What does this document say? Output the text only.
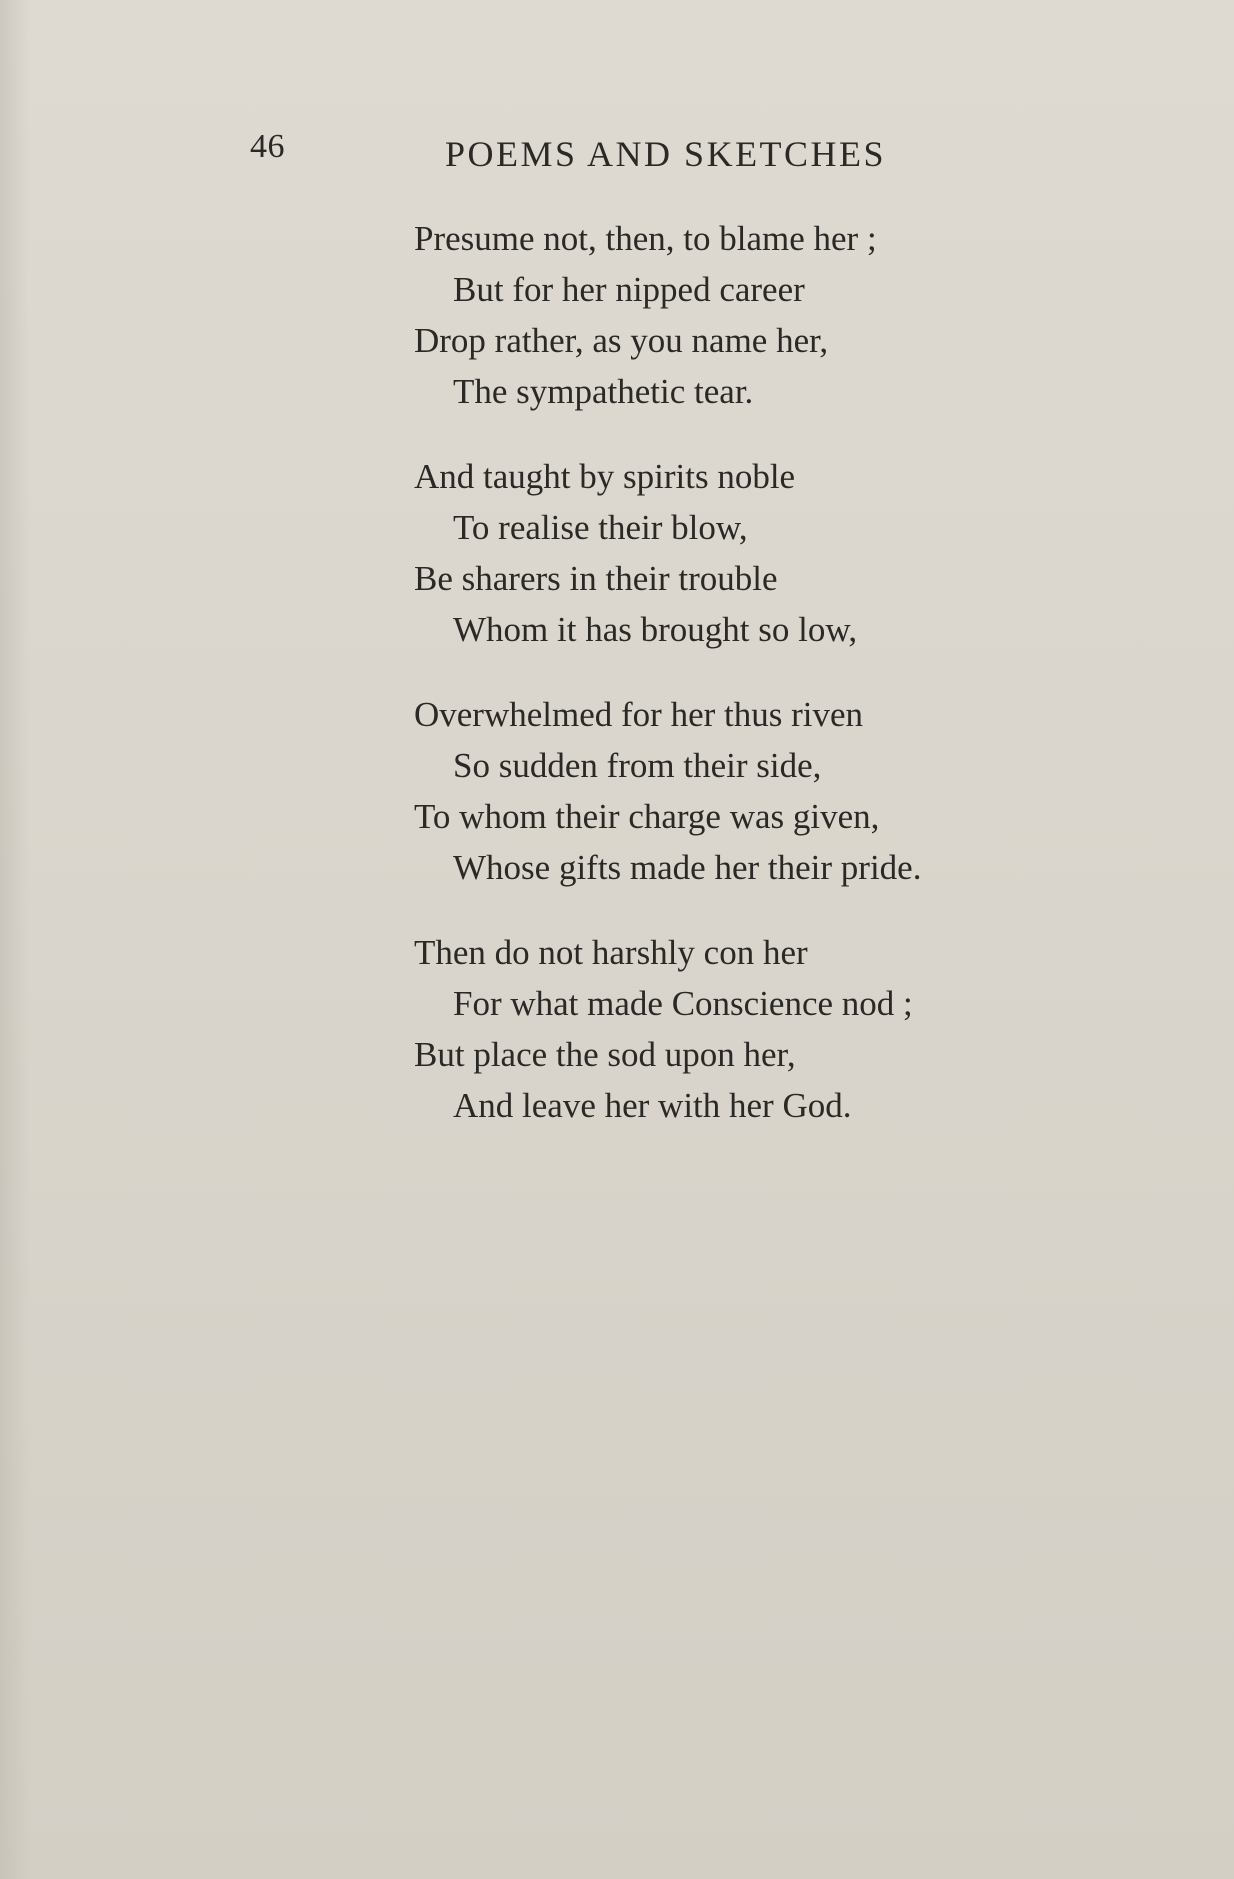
46	POEMS AND SKETCHES
Presume not, then, to blame her ;
But for her nipped career
Drop rather, as you name her,
The sympathetic tear.
And taught by spirits noble
To realise their blow,
Be sharers in their trouble
Whom it has brought so low,
Overwhelmed for her thus riven
So sudden from their side,
To whom their charge was given,
Whose gifts made her their pride.
Then do not harshly con her
For what made Conscience nod ;
But place the sod upon her,
And leave her with her God.
